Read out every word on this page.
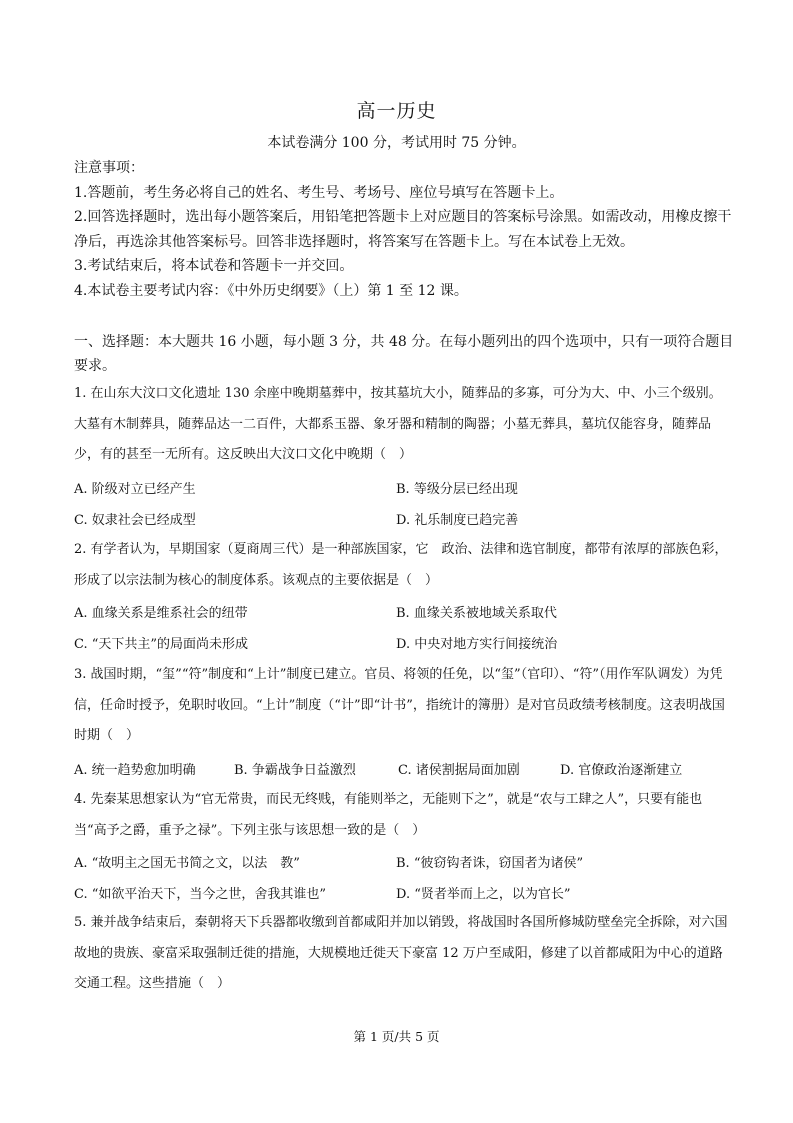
高一历史
本试卷满分 100 分，考试用时 75 分钟。
注意事项：
1.答题前，考生务必将自己的姓名、考生号、考场号、座位号填写在答题卡上。
2.回答选择题时，选出每小题答案后，用铅笔把答题卡上对应题目的答案标号涂黑。如需改动，用橡皮擦干净后，再选涂其他答案标号。回答非选择题时，将答案写在答题卡上。写在本试卷上无效。
3.考试结束后，将本试卷和答题卡一并交回。
4.本试卷主要考试内容：《中外历史纲要》（上）第 1 至 12 课。
一、选择题：本大题共 16 小题，每小题 3 分，共 48 分。在每小题列出的四个选项中，只有一项符合题目要求。
1. 在山东大汶口文化遗址 130 余座中晚期墓葬中，按其墓坑大小，随葬品的多寡，可分为大、中、小三个级别。大墓有木制葬具，随葬品达一二百件，大都系玉器、象牙器和精制的陶器；小墓无葬具，墓坑仅能容身，随葬品少，有的甚至一无所有。这反映出大汶口文化中晚期（　）
A. 阶级对立已经产生	B. 等级分层已经出现
C. 奴隶社会已经成型	D. 礼乐制度已趋完善
2. 有学者认为，早期国家（夏商周三代）是一种部族国家，它　政治、法律和选官制度，都带有浓厚的部族色彩，形成了以宗法制为核心的制度体系。该观点的主要依据是（　）
A. 血缘关系是维系社会的纽带	B. 血缘关系被地域关系取代
C. “天下共主”的局面尚未形成	D. 中央对地方实行间接统治
3. 战国时期，“玺”“符”制度和“上计”制度已建立。官员、将领的任免，以“玺”（官印）、“符”（用作军队调发）为凭信，任命时授予，免职时收回。“上计”制度（“计”即“计书”，指统计的簿册）是对官员政绩考核制度。这表明战国时期（　）
A. 统一趋势愈加明确	B. 争霸战争日益激烈	C. 诸侯割据局面加剧	D. 官僚政治逐渐建立
4. 先秦某思想家认为“官无常贵，而民无终贱，有能则举之，无能则下之”，就是“农与工肆之人”，只要有能也当“高予之爵，重予之禄”。下列主张与该思想一致的是（　）
A. “故明主之国无书简之文，以法　教”	B. “彼窃钩者诛，窃国者为诸侯”
C. “如欲平治天下，当今之世，舍我其谁也”	D. “贤者举而上之，以为官长”
5. 兼并战争结束后，秦朝将天下兵器都收缴到首都咸阳并加以销毁，将战国时各国所修城防壁垒完全拆除，对六国故地的贵族、豪富采取强制迁徙的措施，大规模地迁徙天下豪富 12 万户至咸阳，修建了以首都咸阳为中心的道路交通工程。这些措施（　）
第 1 页/共 5 页
